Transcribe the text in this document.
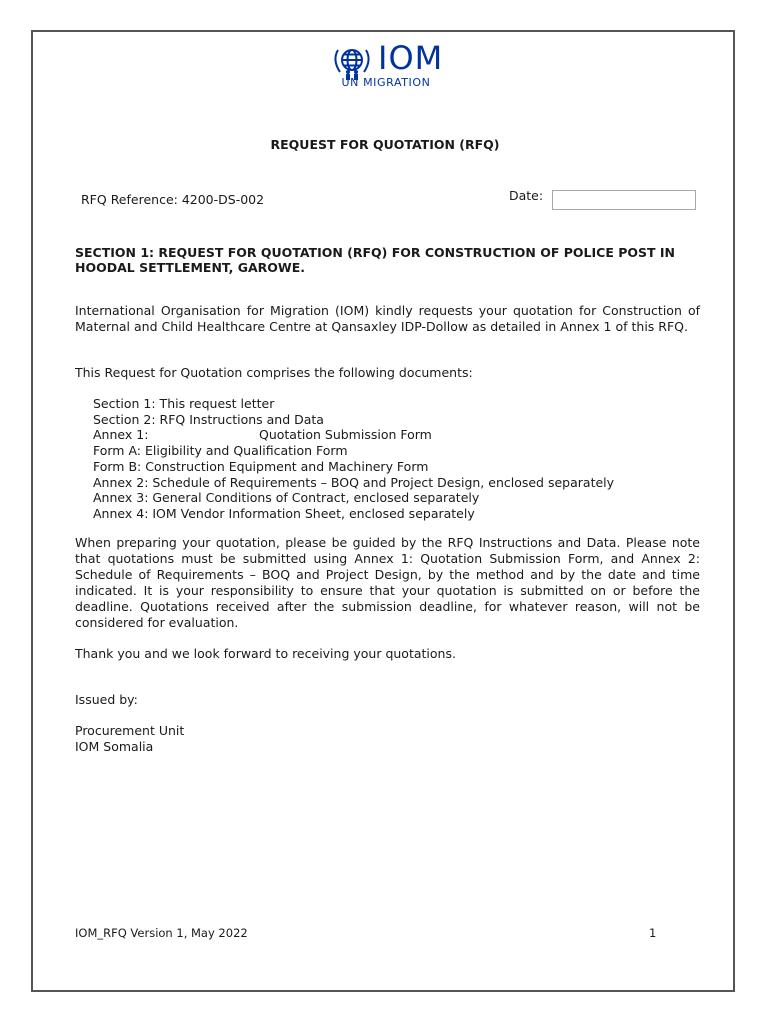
IOM
UN MIGRATION
REQUEST FOR QUOTATION (RFQ)
RFQ Reference: 4200-DS-002	Date:
SECTION 1: REQUEST FOR QUOTATION (RFQ) FOR CONSTRUCTION OF POLICE POST IN HOODAL SETTLEMENT, GAROWE.
International Organisation for Migration (IOM) kindly requests your quotation for Construction of Maternal and Child Healthcare Centre at Qansaxley IDP-Dollow as detailed in Annex 1 of this RFQ.
This Request for Quotation comprises the following documents:
Section 1: This request letter
Section 2: RFQ Instructions and Data
Annex 1:	Quotation Submission Form
Form A: Eligibility and Qualification Form
Form B: Construction Equipment and Machinery Form
Annex 2: Schedule of Requirements – BOQ and Project Design, enclosed separately
Annex 3: General Conditions of Contract, enclosed separately
Annex 4: IOM Vendor Information Sheet, enclosed separately
When preparing your quotation, please be guided by the RFQ Instructions and Data. Please note that quotations must be submitted using Annex 1: Quotation Submission Form, and Annex 2: Schedule of Requirements – BOQ and Project Design, by the method and by the date and time indicated. It is your responsibility to ensure that your quotation is submitted on or before the deadline. Quotations received after the submission deadline, for whatever reason, will not be considered for evaluation.
Thank you and we look forward to receiving your quotations.
Issued by:
Procurement Unit
IOM Somalia
IOM_RFQ Version 1, May 2022	1
